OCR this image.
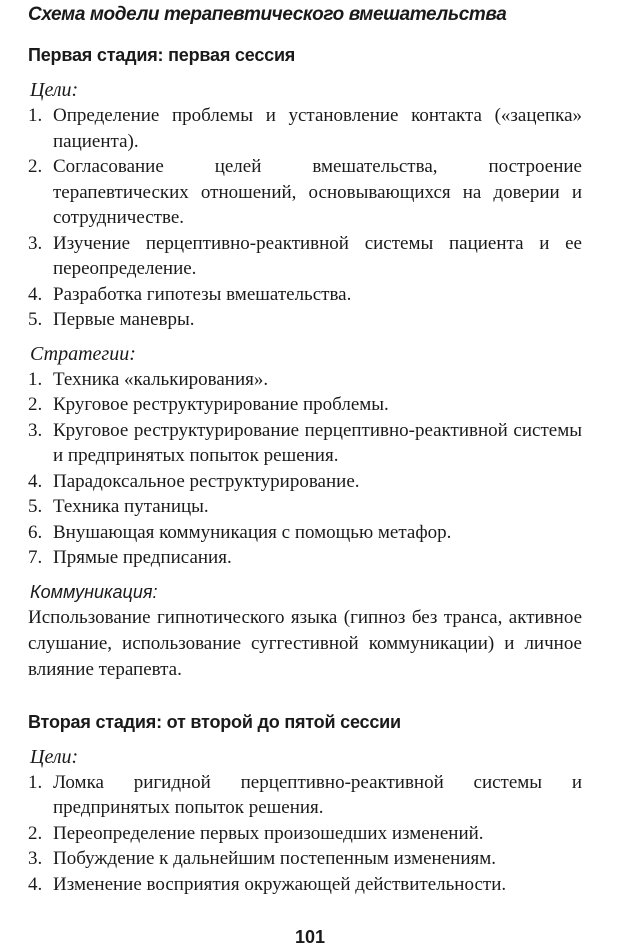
Схема модели терапевтического вмешательства
Первая стадия: первая сессия
Цели:
1. Определение проблемы и установление контакта («зацепка» пациента).
2. Согласование целей вмешательства, построение терапевтических отношений, основывающихся на доверии и сотрудничестве.
3. Изучение перцептивно-реактивной системы пациента и ее переопределение.
4. Разработка гипотезы вмешательства.
5. Первые маневры.
Стратегии:
1. Техника «калькирования».
2. Круговое реструктурирование проблемы.
3. Круговое реструктурирование перцептивно-реактивной системы и предпринятых попыток решения.
4. Парадоксальное реструктурирование.
5. Техника путаницы.
6. Внушающая коммуникация с помощью метафор.
7. Прямые предписания.
Коммуникация:

Использование гипнотического языка (гипноз без транса, активное слушание, использование суггестивной коммуникации) и личное влияние терапевта.

Вторая стадия: от второй до пятой сессии
Цели:
1. Ломка ригидной перцептивно-реактивной системы и предпринятых попыток решения.
2. Переопределение первых произошедших изменений.
3. Побуждение к дальнейшим постепенным изменениям.
4. Изменение восприятия окружающей действительности.
101
